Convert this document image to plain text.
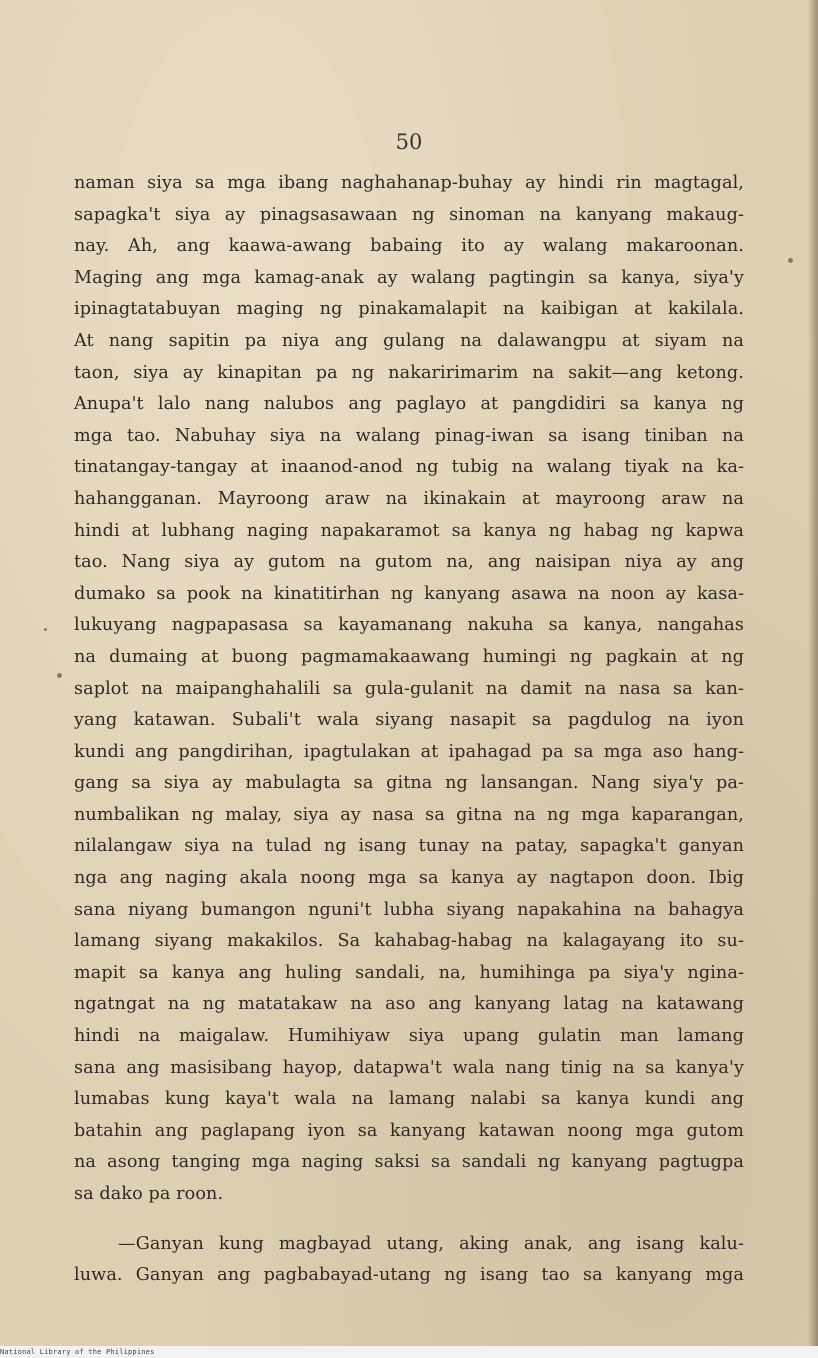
50
naman siya sa mga ibang naghahanap-buhay ay hindi rin magtagal,
sapagka't siya ay pinagsasawaan ng sinoman na kanyang makaug-
nay. Ah, ang kaawa-awang babaing ito ay walang makaroonan.
Maging ang mga kamag-anak ay walang pagtingin sa kanya, siya'y
ipinagtatabuyan maging ng pinakamalapit na kaibigan at kakilala.
At nang sapitin pa niya ang gulang na dalawangpu at siyam na
taon, siya ay kinapitan pa ng nakaririmarim na sakit—ang ketong.
Anupa't lalo nang nalubos ang paglayo at pangdidiri sa kanya ng
mga tao. Nabuhay siya na walang pinag-iwan sa isang tiniban na
tinatangay-tangay at inaanod-anod ng tubig na walang tiyak na ka-
hahangganan. Mayroong araw na ikinakain at mayroong araw na
hindi at lubhang naging napakaramot sa kanya ng habag ng kapwa
tao. Nang siya ay gutom na gutom na, ang naisipan niya ay ang
dumako sa pook na kinatitirhan ng kanyang asawa na noon ay kasa-
lukuyang nagpapasasa sa kayamanang nakuha sa kanya, nangahas
na dumaing at buong pagmamakaawang humingi ng pagkain at ng
saplot na maipanghahalili sa gula-gulanit na damit na nasa sa kan-
yang katawan. Subali't wala siyang nasapit sa pagdulog na iyon
kundi ang pangdirihan, ipagtulakan at ipahagad pa sa mga aso hang-
gang sa siya ay mabulagta sa gitna ng lansangan. Nang siya'y pa-
numbalikan ng malay, siya ay nasa sa gitna na ng mga kaparangan,
nilalangaw siya na tulad ng isang tunay na patay, sapagka't ganyan
nga ang naging akala noong mga sa kanya ay nagtapon doon. Ibig
sana niyang bumangon nguni't lubha siyang napakahina na bahagya
lamang siyang makakilos. Sa kahabag-habag na kalagayang ito su-
mapit sa kanya ang huling sandali, na, humihinga pa siya'y ngina-
ngatngat na ng matatakaw na aso ang kanyang latag na katawang
hindi na maigalaw. Humihiyaw siya upang gulatin man lamang
sana ang masisibang hayop, datapwa't wala nang tinig na sa kanya'y
lumabas kung kaya't wala na lamang nalabi sa kanya kundi ang
batahin ang paglapang iyon sa kanyang katawan noong mga gutom
na asong tanging mga naging saksi sa sandali ng kanyang pagtugpa
sa dako pa roon.
—Ganyan kung magbayad utang, aking anak, ang isang kalu-
luwa. Ganyan ang pagbabayad-utang ng isang tao sa kanyang mga
National Library of the Philippines
